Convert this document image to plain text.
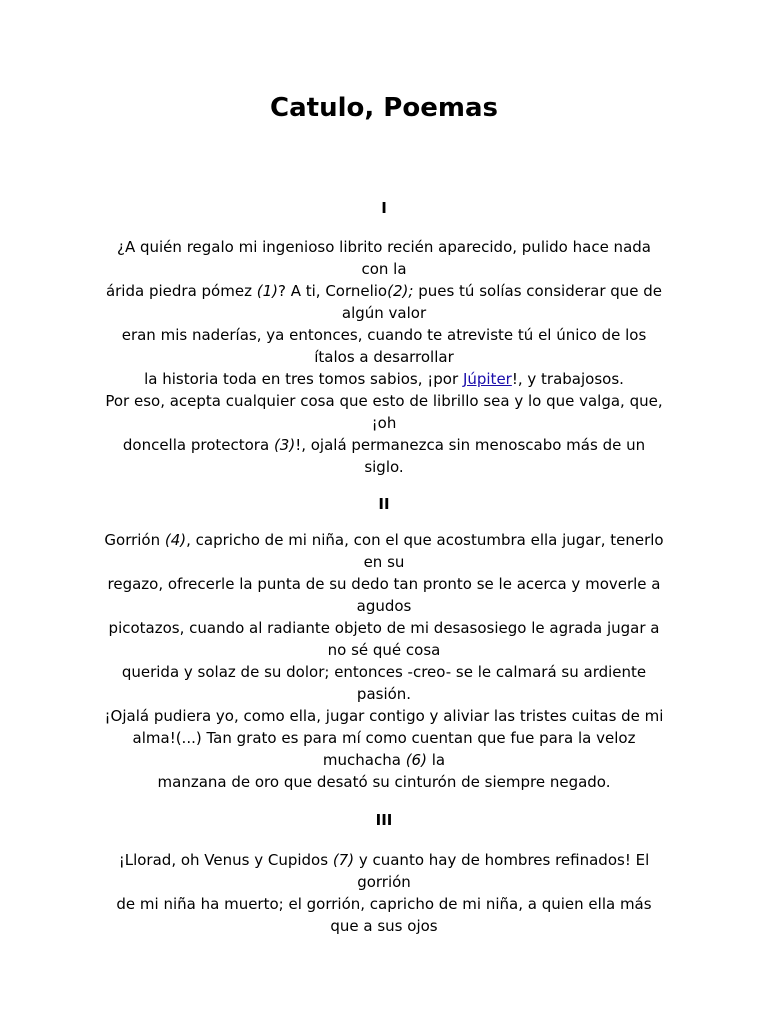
Catulo, Poemas
I
¿A quién regalo mi ingenioso librito recién aparecido, pulido hace nada con la
árida piedra pómez (1)? A ti, Cornelio(2); pues tú solías considerar que de algún valor
eran mis naderías, ya entonces, cuando te atreviste tú el único de los ítalos a desarrollar
la historia toda en tres tomos sabios, ¡por Júpiter!, y trabajosos.
Por eso, acepta cualquier cosa que esto de librillo sea y lo que valga, que, ¡oh
doncella protectora (3)!, ojalá permanezca sin menoscabo más de un siglo.
II
Gorrión (4), capricho de mi niña, con el que acostumbra ella jugar, tenerlo en su
regazo, ofrecerle la punta de su dedo tan pronto se le acerca y moverle a agudos
picotazos, cuando al radiante objeto de mi desasosiego le agrada jugar a no sé qué cosa
querida y solaz de su dolor; entonces -creo- se le calmará su ardiente pasión.
¡Ojalá pudiera yo, como ella, jugar contigo y aliviar las tristes cuitas de mi alma!(...) Tan grato es para mí como cuentan que fue para la veloz muchacha (6) la
manzana de oro que desató su cinturón de siempre negado.
III
¡Llorad, oh Venus y Cupidos (7) y cuanto hay de hombres refinados! El gorrión
de mi niña ha muerto; el gorrión, capricho de mi niña, a quien ella más que a sus ojos
